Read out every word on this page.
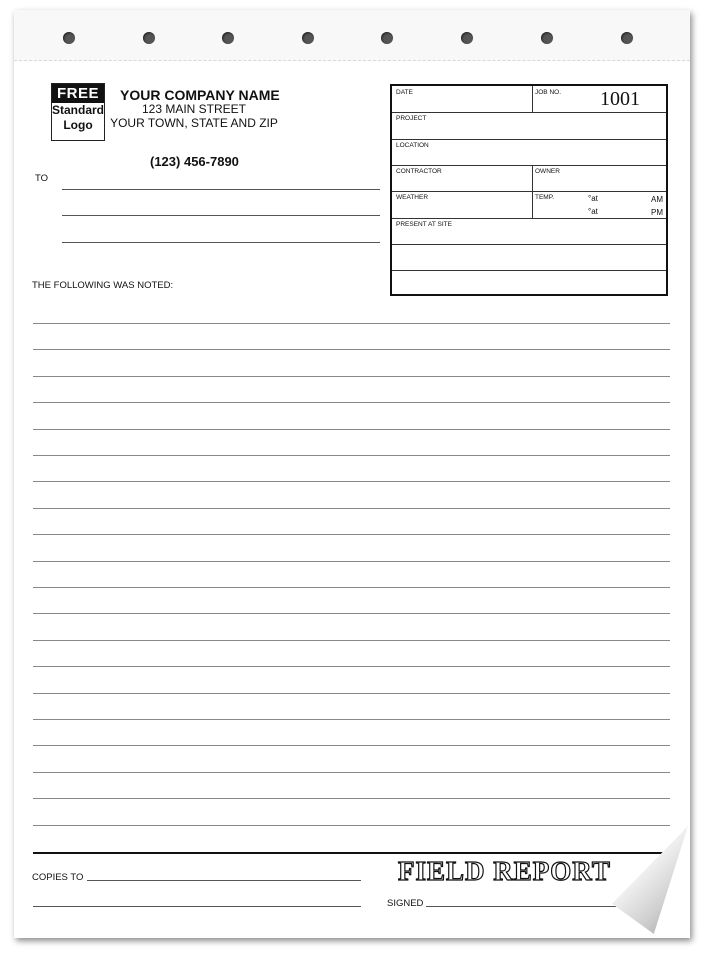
FREE
Standard
Logo
YOUR COMPANY NAME
123 MAIN STREET
YOUR TOWN, STATE AND ZIP
(123) 456-7890
TO
DATE	JOB NO. 1001
PROJECT
LOCATION
CONTRACTOR	OWNER
WEATHER	TEMP.	°at	AM
°at	PM
PRESENT AT SITE
THE FOLLOWING WAS NOTED:
COPIES TO	FIELD REPORT
SIGNED
